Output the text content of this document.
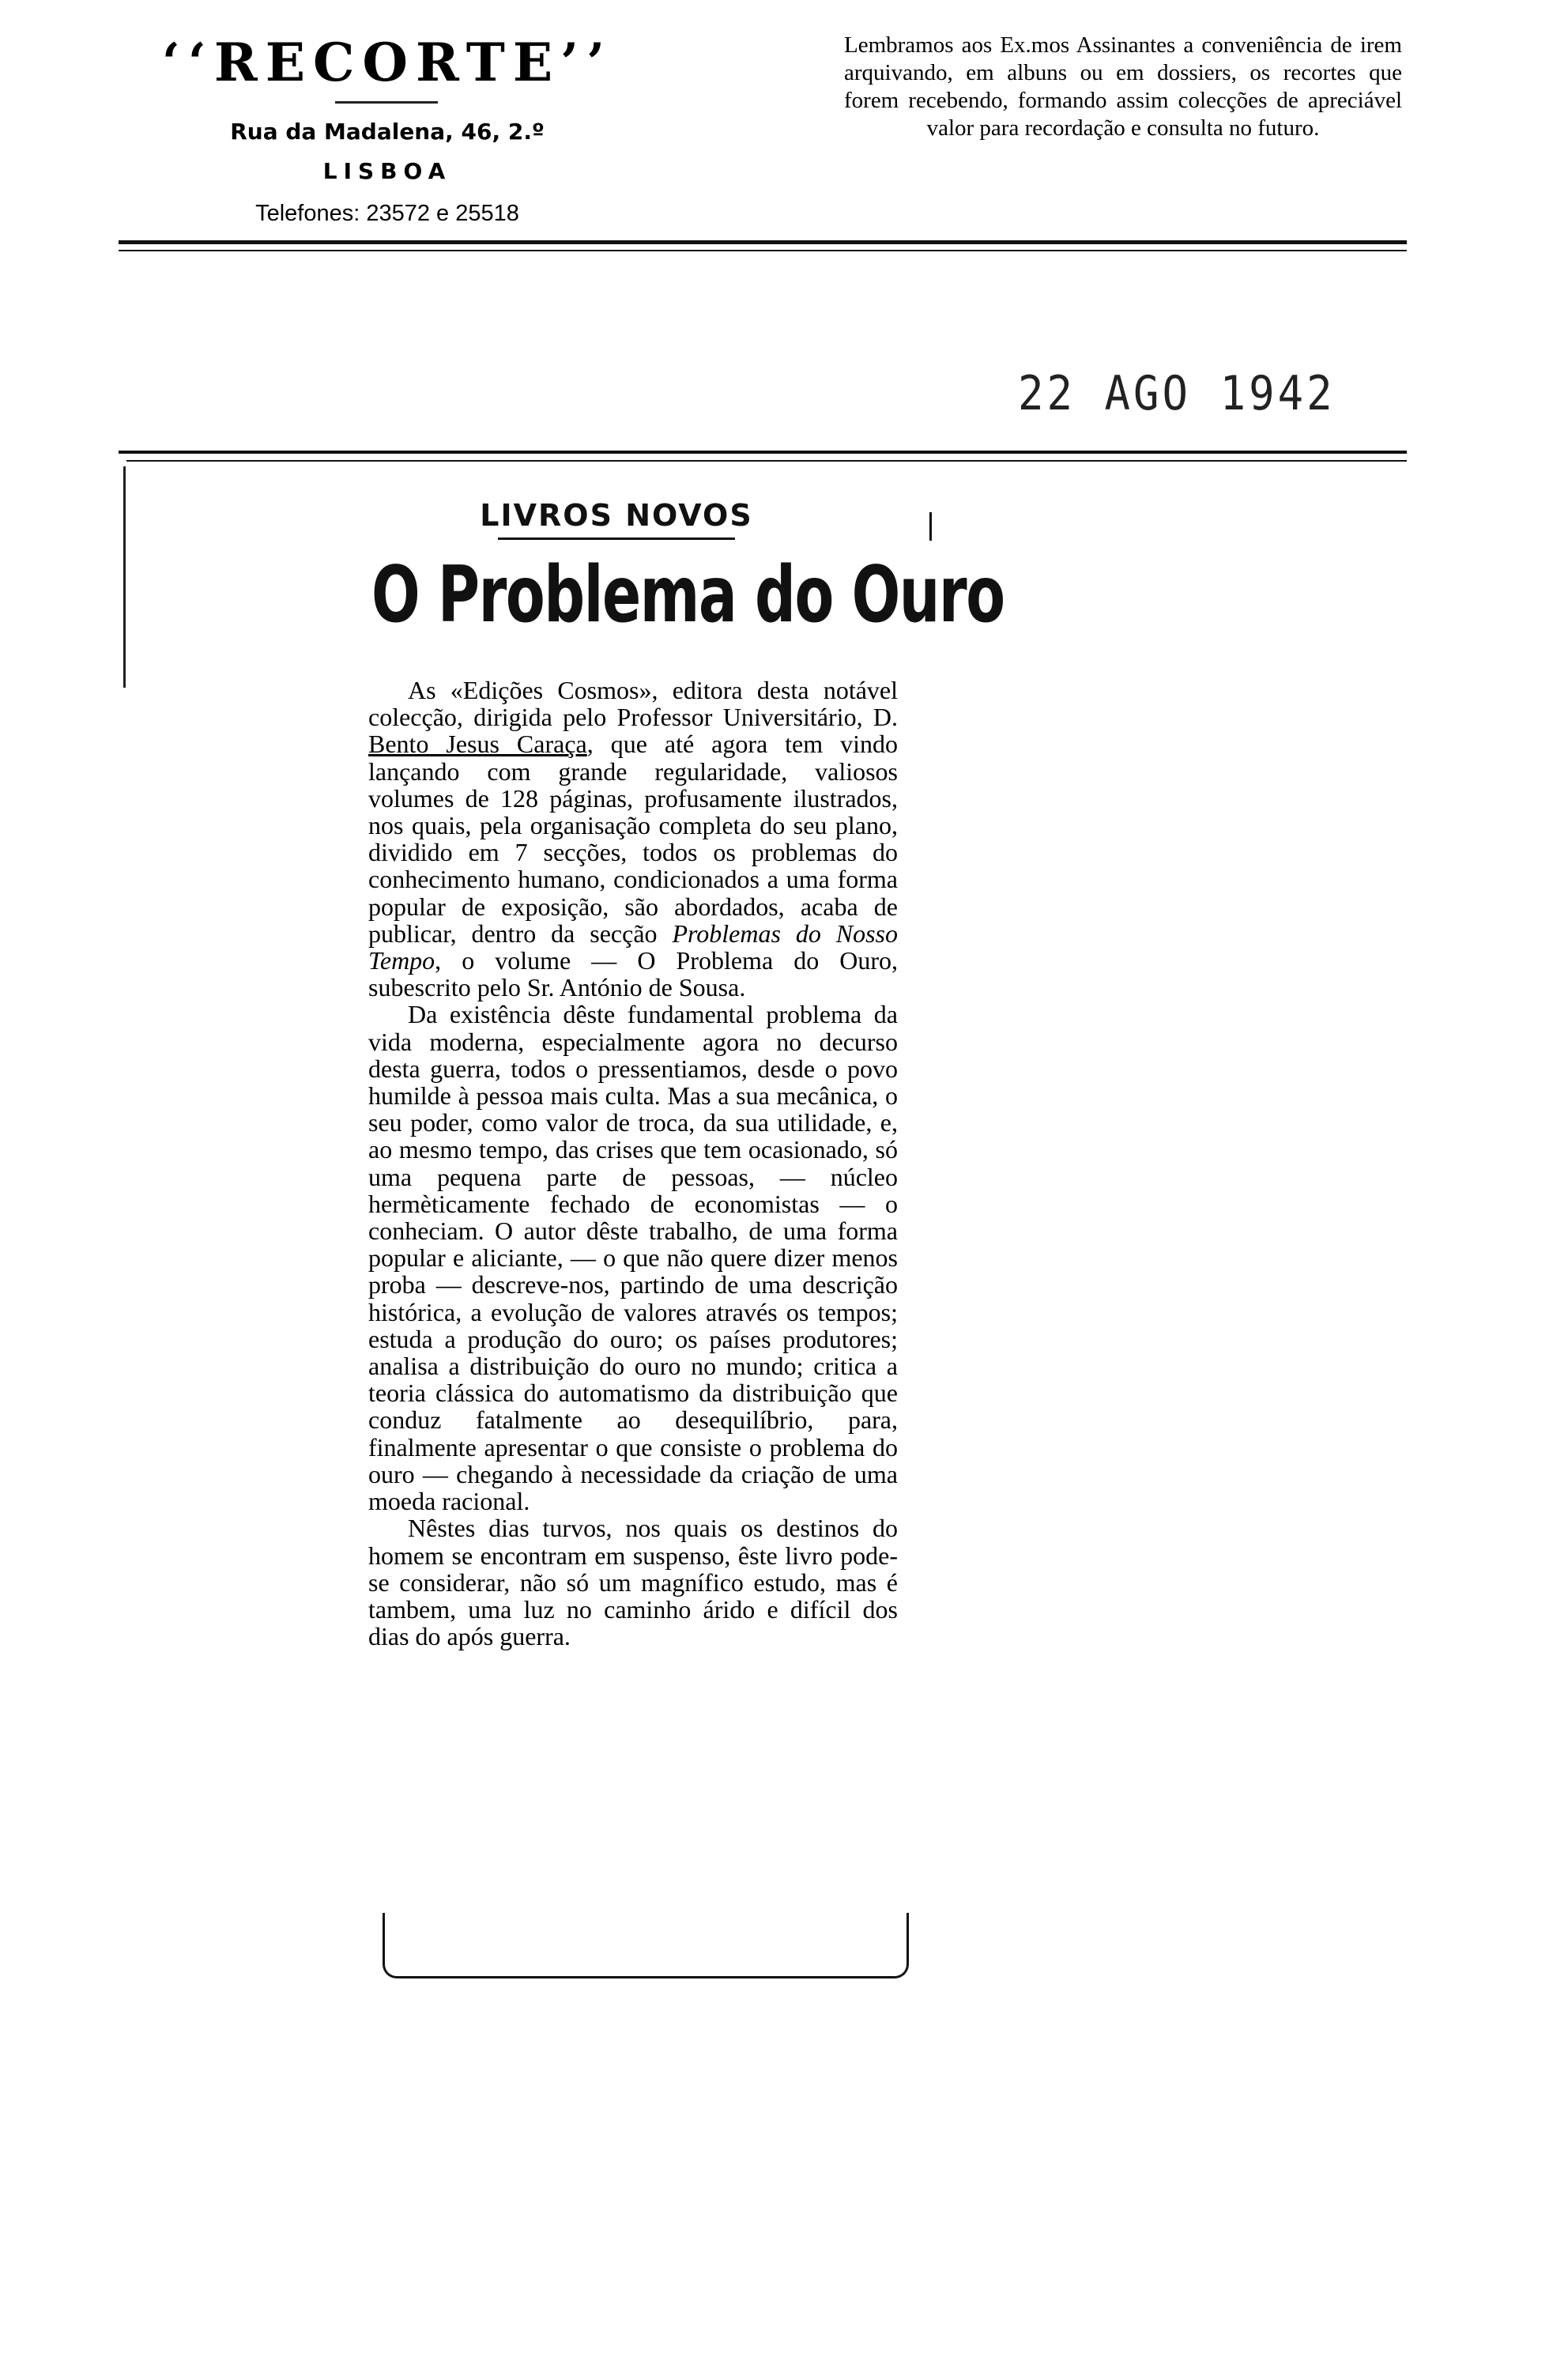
‘‘RECORTE’’
Rua da Madalena, 46, 2.º
LISBOA
Telefones: 23572 e 25518
Lembramos aos Ex.mos Assinantes a conveniência de irem arquivando, em albuns ou em dossiers, os recortes que forem recebendo, formando assim colecções de apreciável valor para recordação e consulta no futuro.
22 AGO 1942
LIVROS NOVOS
O Problema do Ouro

As «Edições Cosmos», editora desta notável colecção, dirigida pelo Professor Universitário, D. Bento Jesus Caraça, que até agora tem vindo lançando com grande regularidade, valiosos volumes de 128 páginas, profusamente ilustrados, nos quais, pela organisação completa do seu plano, dividido em 7 secções, todos os problemas do conhecimento humano, condicionados a uma forma popular de exposição, são abordados, acaba de publicar, dentro da secção Problemas do Nosso Tempo, o volume — O Problema do Ouro, subescrito pelo Sr. António de Sousa.

Da existência dêste fundamental problema da vida moderna, especialmente agora no decurso desta guerra, todos o pressentiamos, desde o povo humilde à pessoa mais culta. Mas a sua mecânica, o seu poder, como valor de troca, da sua utilidade, e, ao mesmo tempo, das crises que tem ocasionado, só uma pequena parte de pessoas, — núcleo hermèticamente fechado de economistas — o conheciam. O autor dêste trabalho, de uma forma popular e aliciante, — o que não quere dizer menos proba — descreve-nos, partindo de uma descrição histórica, a evolução de valores através os tempos; estuda a produção do ouro; os países produtores; analisa a distribuição do ouro no mundo; critica a teoria clássica do automatismo da distribuição que conduz fatalmente ao desequilíbrio, para, finalmente apresentar o que consiste o problema do ouro — chegando à necessidade da criação de uma moeda racional.

Nêstes dias turvos, nos quais os destinos do homem se encontram em suspenso, êste livro pode-se considerar, não só um magnífico estudo, mas é tambem, uma luz no caminho árido e difícil dos dias do após guerra.
